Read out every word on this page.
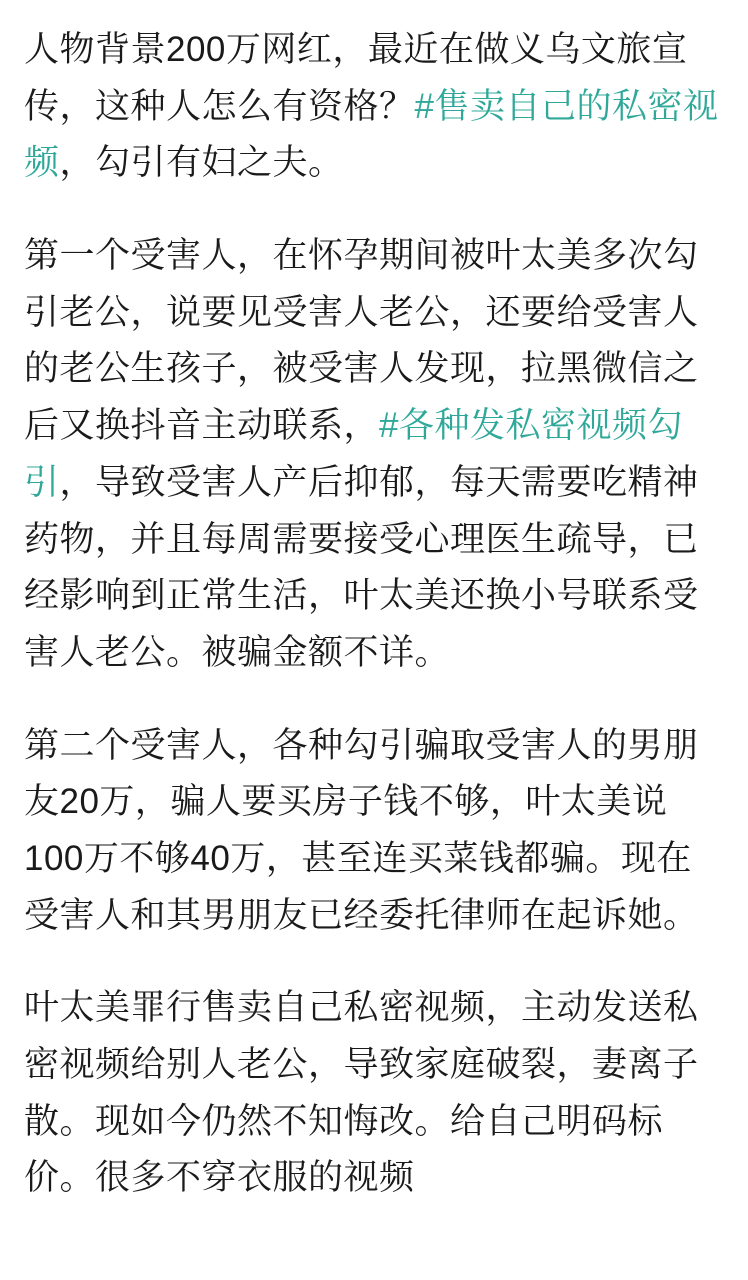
人物背景200万网红，最近在做义乌文旅宣传，这种人怎么有资格？#售卖自己的私密视频，勾引有妇之夫。

第一个受害人，在怀孕期间被叶太美多次勾引老公，说要见受害人老公，还要给受害人的老公生孩子，被受害人发现，拉黑微信之后又换抖音主动联系，#各种发私密视频勾引，导致受害人产后抑郁，每天需要吃精神药物，并且每周需要接受心理医生疏导，已经影响到正常生活，叶太美还换小号联系受害人老公。被骗金额不详。

第二个受害人，各种勾引骗取受害人的男朋友20万，骗人要买房子钱不够，叶太美说100万不够40万，甚至连买菜钱都骗。现在受害人和其男朋友已经委托律师在起诉她。

叶太美罪行售卖自己私密视频，主动发送私密视频给别人老公，导致家庭破裂，妻离子散。现如今仍然不知悔改。给自己明码标价。很多不穿衣服的视频
